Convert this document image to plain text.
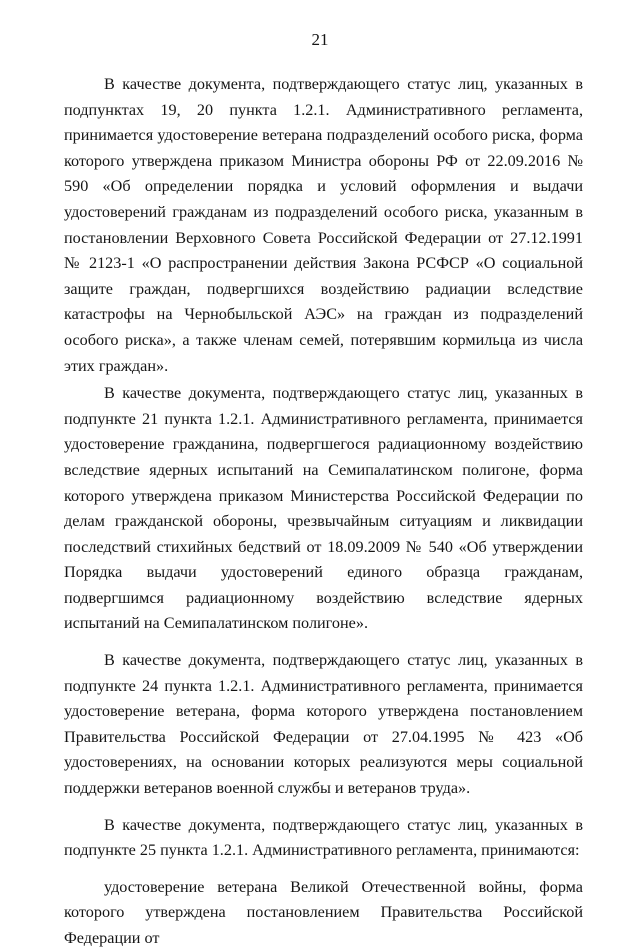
21

В качестве документа, подтверждающего статус лиц, указанных в подпунктах 19, 20 пункта 1.2.1. Административного регламента, принимается удостоверение ветерана подразделений особого риска, форма которого утверждена приказом Министра обороны РФ от 22.09.2016 № 590 «Об определении порядка и условий оформления и выдачи удостоверений гражданам из подразделений особого риска, указанным в постановлении Верховного Совета Российской Федерации от 27.12.1991 № 2123-1 «О распространении действия Закона РСФСР «О социальной защите граждан, подвергшихся воздействию радиации вследствие катастрофы на Чернобыльской АЭС» на граждан из подразделений особого риска», а также членам семей, потерявшим кормильца из числа этих граждан».

В качестве документа, подтверждающего статус лиц, указанных в подпункте 21 пункта 1.2.1. Административного регламента, принимается удостоверение гражданина, подвергшегося радиационному воздействию вследствие ядерных испытаний на Семипалатинском полигоне, форма которого утверждена приказом Министерства Российской Федерации по делам гражданской обороны, чрезвычайным ситуациям и ликвидации последствий стихийных бедствий от 18.09.2009 № 540 «Об утверждении Порядка выдачи удостоверений единого образца гражданам, подвергшимся радиационному воздействию вследствие ядерных испытаний на Семипалатинском полигоне».

В качестве документа, подтверждающего статус лиц, указанных в подпункте 24 пункта 1.2.1. Административного регламента, принимается удостоверение ветерана, форма которого утверждена постановлением Правительства Российской Федерации от 27.04.1995 № 423 «Об удостоверениях, на основании которых реализуются меры социальной поддержки ветеранов военной службы и ветеранов труда».

В качестве документа, подтверждающего статус лиц, указанных в подпункте 25 пункта 1.2.1. Административного регламента, принимаются:

удостоверение ветерана Великой Отечественной войны, форма которого утверждена постановлением Правительства Российской Федерации от
